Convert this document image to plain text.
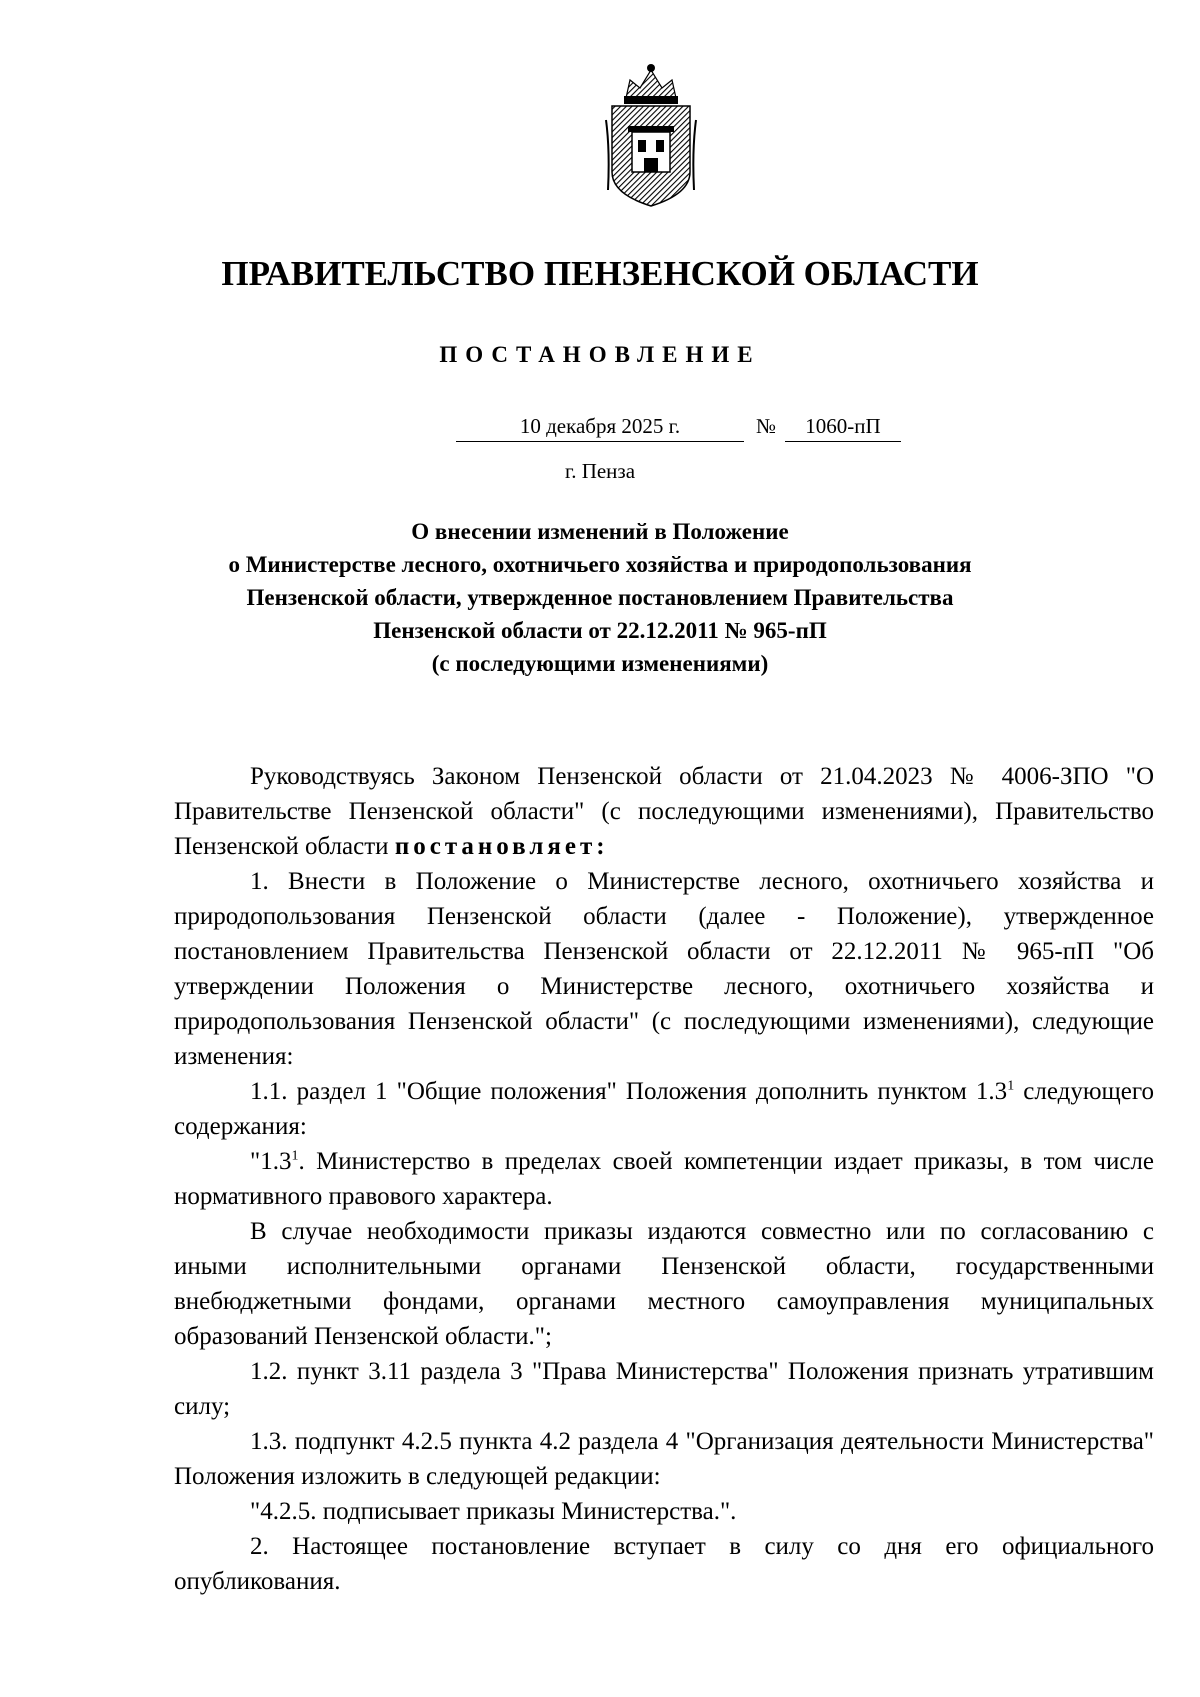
ПРАВИТЕЛЬСТВО ПЕНЗЕНСКОЙ ОБЛАСТИ
ПОСТАНОВЛЕНИЕ
10 декабря 2025 г.	№	1060-пП
г. Пенза
О внесении изменений в Положение
о Министерстве лесного, охотничьего хозяйства и природопользования
Пензенской области, утвержденное постановлением Правительства
Пензенской области от 22.12.2011 № 965-пП
(с последующими изменениями)

Руководствуясь Законом Пензенской области от 21.04.2023 № 4006-ЗПО "О Правительстве Пензенской области" (с последующими изменениями), Правительство Пензенской области постановляет:

1. Внести в Положение о Министерстве лесного, охотничьего хозяйства и природопользования Пензенской области (далее - Положение), утвержденное постановлением Правительства Пензенской области от 22.12.2011 № 965-пП "Об утверждении Положения о Министерстве лесного, охотничьего хозяйства и природопользования Пензенской области" (с последующими изменениями), следующие изменения:

1.1. раздел 1 "Общие положения" Положения дополнить пунктом $1.3^1$ следующего содержания:

"$1.3^1$. Министерство в пределах своей компетенции издает приказы, в том числе нормативного правового характера.

В случае необходимости приказы издаются совместно или по согласованию с иными исполнительными органами Пензенской области, государственными внебюджетными фондами, органами местного самоуправления муниципальных образований Пензенской области.";

1.2. пункт 3.11 раздела 3 "Права Министерства" Положения признать утратившим силу;

1.3. подпункт 4.2.5 пункта 4.2 раздела 4 "Организация деятельности Министерства" Положения изложить в следующей редакции:

"4.2.5. подписывает приказы Министерства.".

2. Настоящее постановление вступает в силу со дня его официального опубликования.
